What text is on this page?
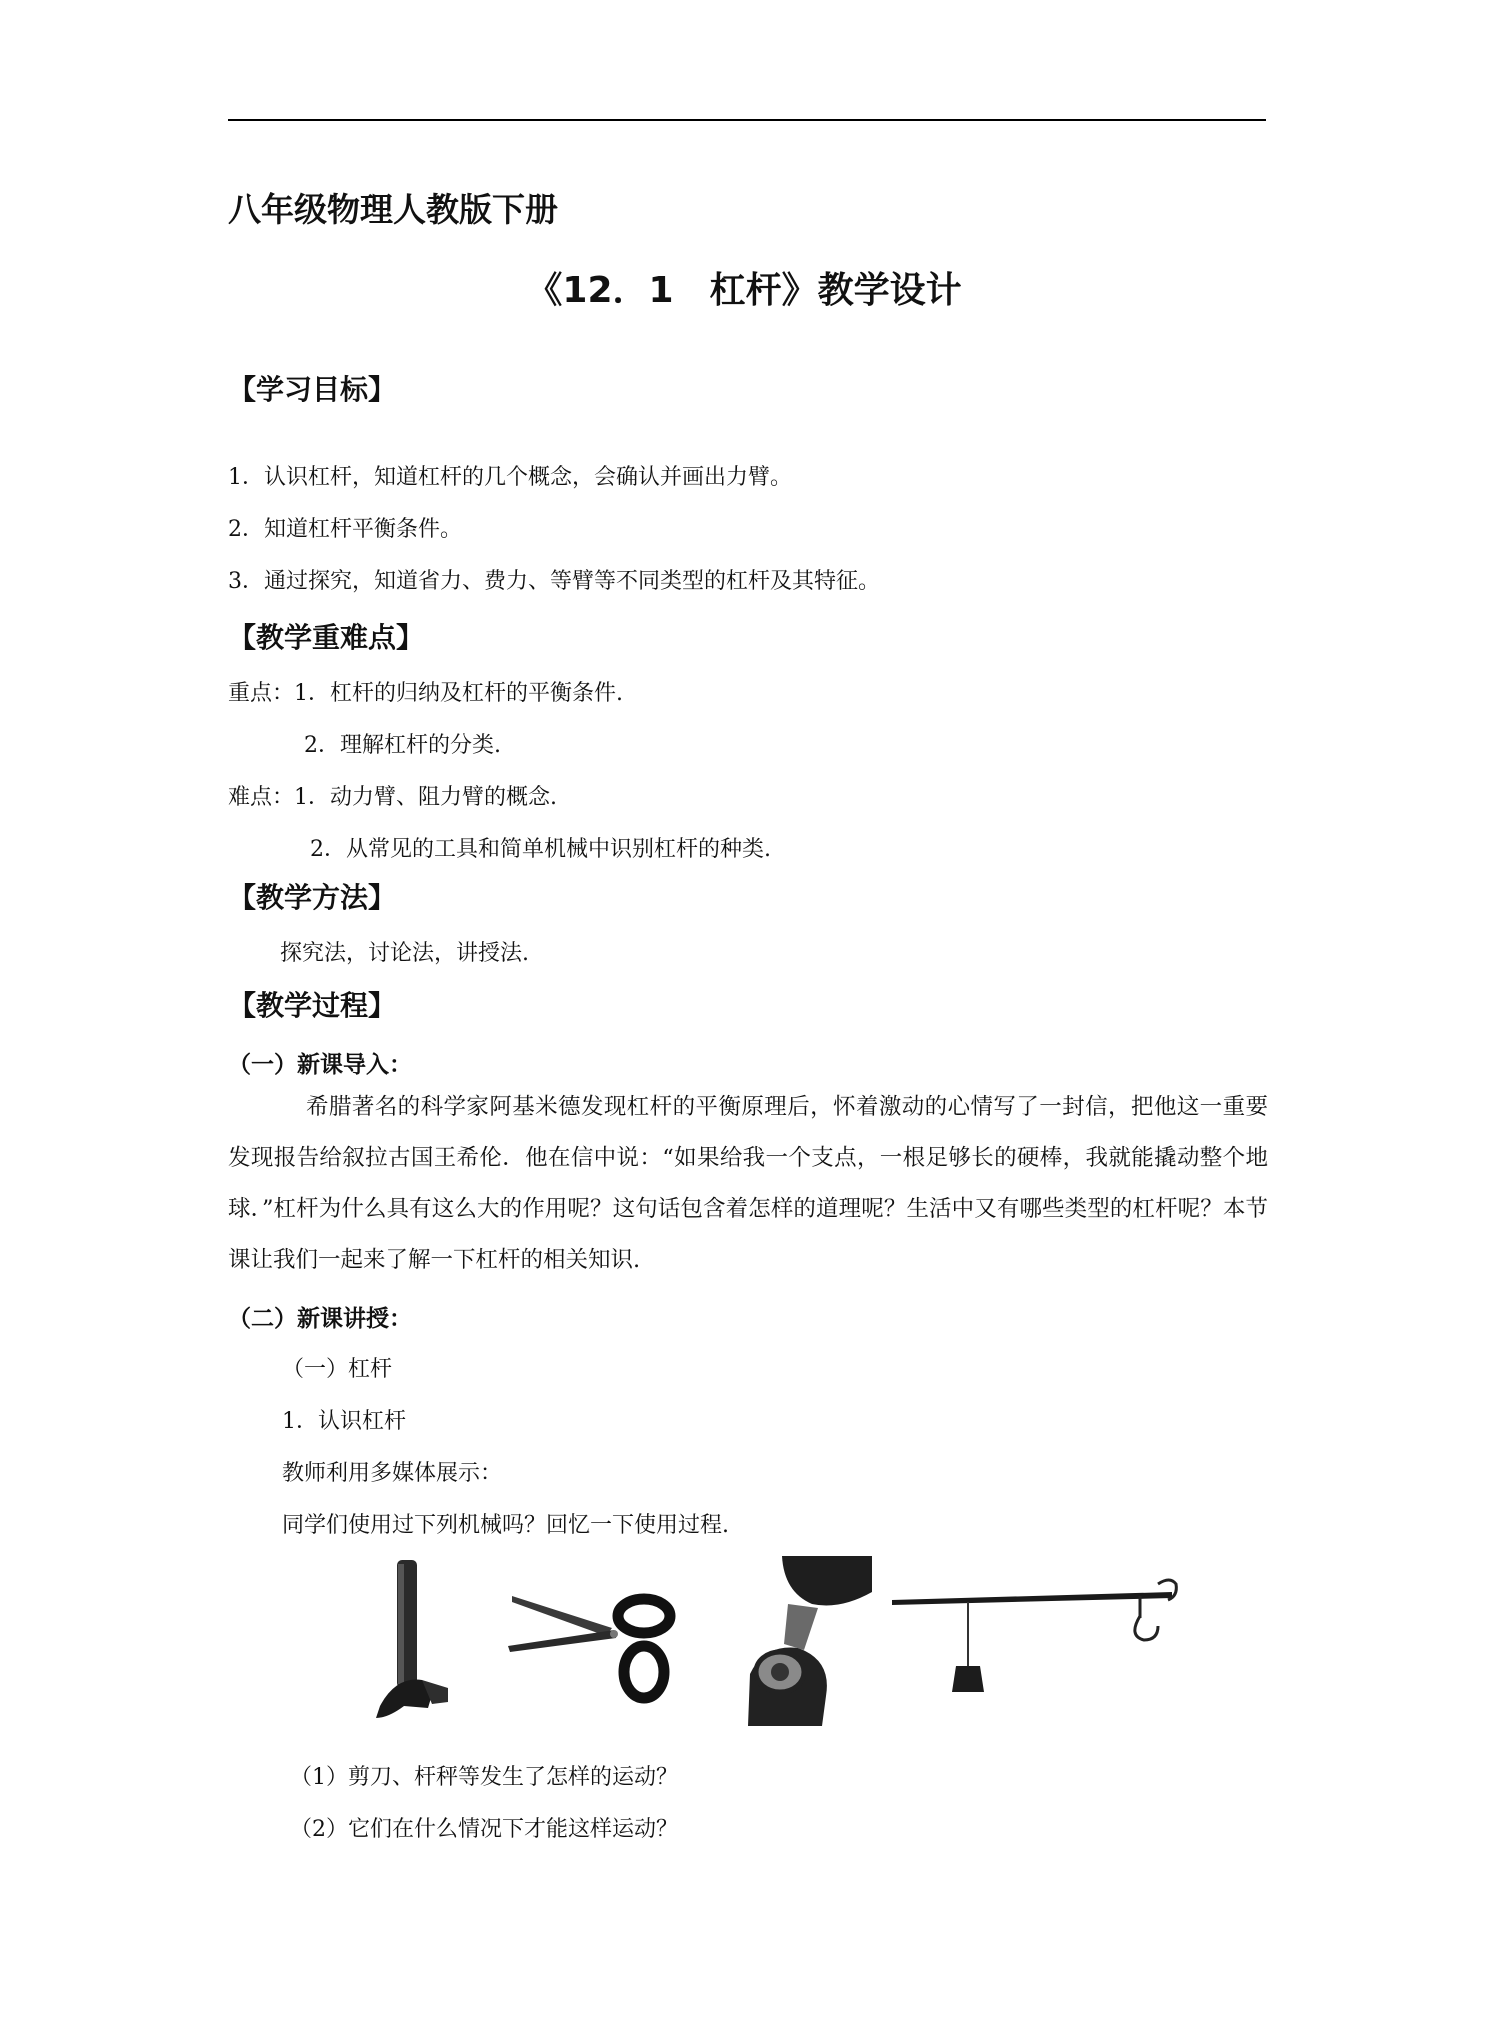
八年级物理人教版下册
《12．1　杠杆》教学设计
【学习目标】
1．认识杠杆，知道杠杆的几个概念，会确认并画出力臂。
2．知道杠杆平衡条件。
3．通过探究，知道省力、费力、等臂等不同类型的杠杆及其特征。
【教学重难点】
重点：1．杠杆的归纳及杠杆的平衡条件.
2．理解杠杆的分类.
难点：1．动力臂、阻力臂的概念.
2．从常见的工具和简单机械中识别杠杆的种类.
【教学方法】
探究法，讨论法，讲授法.
【教学过程】
（一）新课导入：
希腊著名的科学家阿基米德发现杠杆的平衡原理后，怀着激动的心情写了一封信，把他这一重要发现报告给叙拉古国王希伦．他在信中说：“如果给我一个支点，一根足够长的硬棒，我就能撬动整个地球．”杠杆为什么具有这么大的作用呢？这句话包含着怎样的道理呢？生活中又有哪些类型的杠杆呢？本节课让我们一起来了解一下杠杆的相关知识.
（二）新课讲授：
（一）杠杆
1．认识杠杆
教师利用多媒体展示：
同学们使用过下列机械吗？回忆一下使用过程.
（1）剪刀、杆秤等发生了怎样的运动？
（2）它们在什么情况下才能这样运动？
